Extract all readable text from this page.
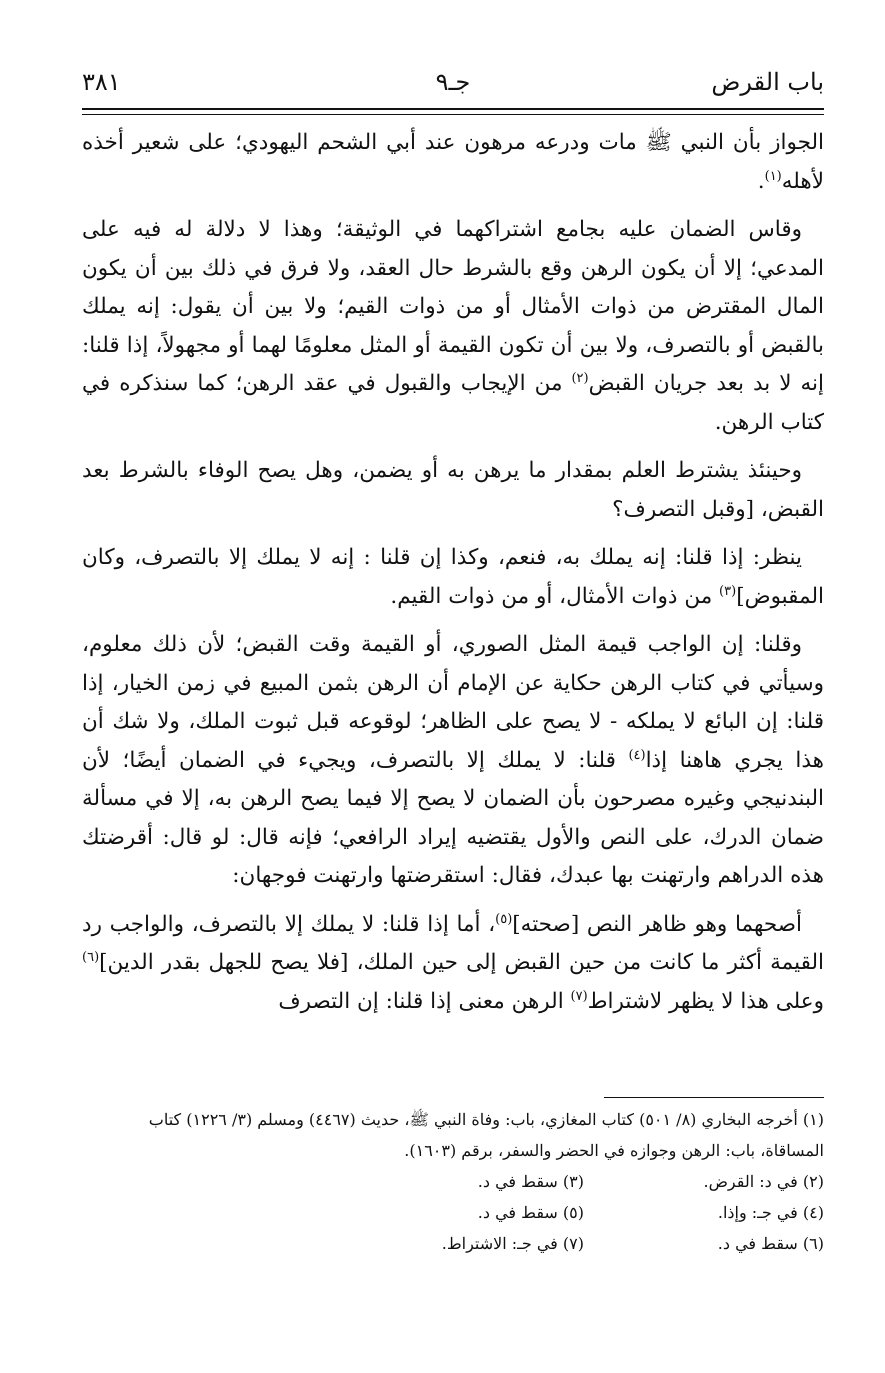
باب القرض
جـ٩
٣٨١

الجواز بأن النبي ﷺ مات ودرعه مرهون عند أبي الشحم اليهودي؛ على شعير أخذه لأهله$^{(١)}$.

وقاس الضمان عليه بجامع اشتراكهما في الوثيقة؛ وهذا لا دلالة له فيه على المدعي؛ إلا أن يكون الرهن وقع بالشرط حال العقد، ولا فرق في ذلك بين أن يكون المال المقترض من ذوات الأمثال أو من ذوات القيم؛ ولا بين أن يقول: إنه يملك بالقبض أو بالتصرف، ولا بين أن تكون القيمة أو المثل معلومًا لهما أو مجهولاً، إذا قلنا: إنه لا بد بعد جريان القبض$^{(٢)}$ من الإيجاب والقبول في عقد الرهن؛ كما سنذكره في كتاب الرهن.

وحينئذ يشترط العلم بمقدار ما يرهن به أو يضمن، وهل يصح الوفاء بالشرط بعد القبض، [وقبل التصرف؟

ينظر: إذا قلنا: إنه يملك به، فنعم، وكذا إن قلنا : إنه لا يملك إلا بالتصرف، وكان المقبوض]$^{(٣)}$ من ذوات الأمثال، أو من ذوات القيم.

وقلنا: إن الواجب قيمة المثل الصوري، أو القيمة وقت القبض؛ لأن ذلك معلوم، وسيأتي في كتاب الرهن حكاية عن الإمام أن الرهن بثمن المبيع في زمن الخيار، إذا قلنا: إن البائع لا يملكه - لا يصح على الظاهر؛ لوقوعه قبل ثبوت الملك، ولا شك أن هذا يجري هاهنا إذا$^{(٤)}$ قلنا: لا يملك إلا بالتصرف، ويجيء في الضمان أيضًا؛ لأن البندنيجي وغيره مصرحون بأن الضمان لا يصح إلا فيما يصح الرهن به، إلا في مسألة ضمان الدرك، على النص والأول يقتضيه إيراد الرافعي؛ فإنه قال: لو قال: أقرضتك هذه الدراهم وارتهنت بها عبدك، فقال: استقرضتها وارتهنت فوجهان:

أصحهما وهو ظاهر النص [صحته]$^{(٥)}$، أما إذا قلنا: لا يملك إلا بالتصرف، والواجب رد القيمة أكثر ما كانت من حين القبض إلى حين الملك، [فلا يصح للجهل بقدر الدين]$^{(٦)}$ وعلى هذا لا يظهر لاشتراط$^{(٧)}$ الرهن معنى إذا قلنا: إن التصرف

(١) أخرجه البخاري (٨/ ٥٠١) كتاب المغازي، باب: وفاة النبي ﷺ، حديث (٤٤٦٧) ومسلم (٣/ ١٢٢٦) كتاب المساقاة، باب: الرهن وجوازه في الحضر والسفر، برقم (١٦٠٣).

(٢) في د: القرض.
(٣) سقط في د.
(٤) في جـ: وإذا.
(٥) سقط في د.
(٦) سقط في د.
(٧) في جـ: الاشتراط.
